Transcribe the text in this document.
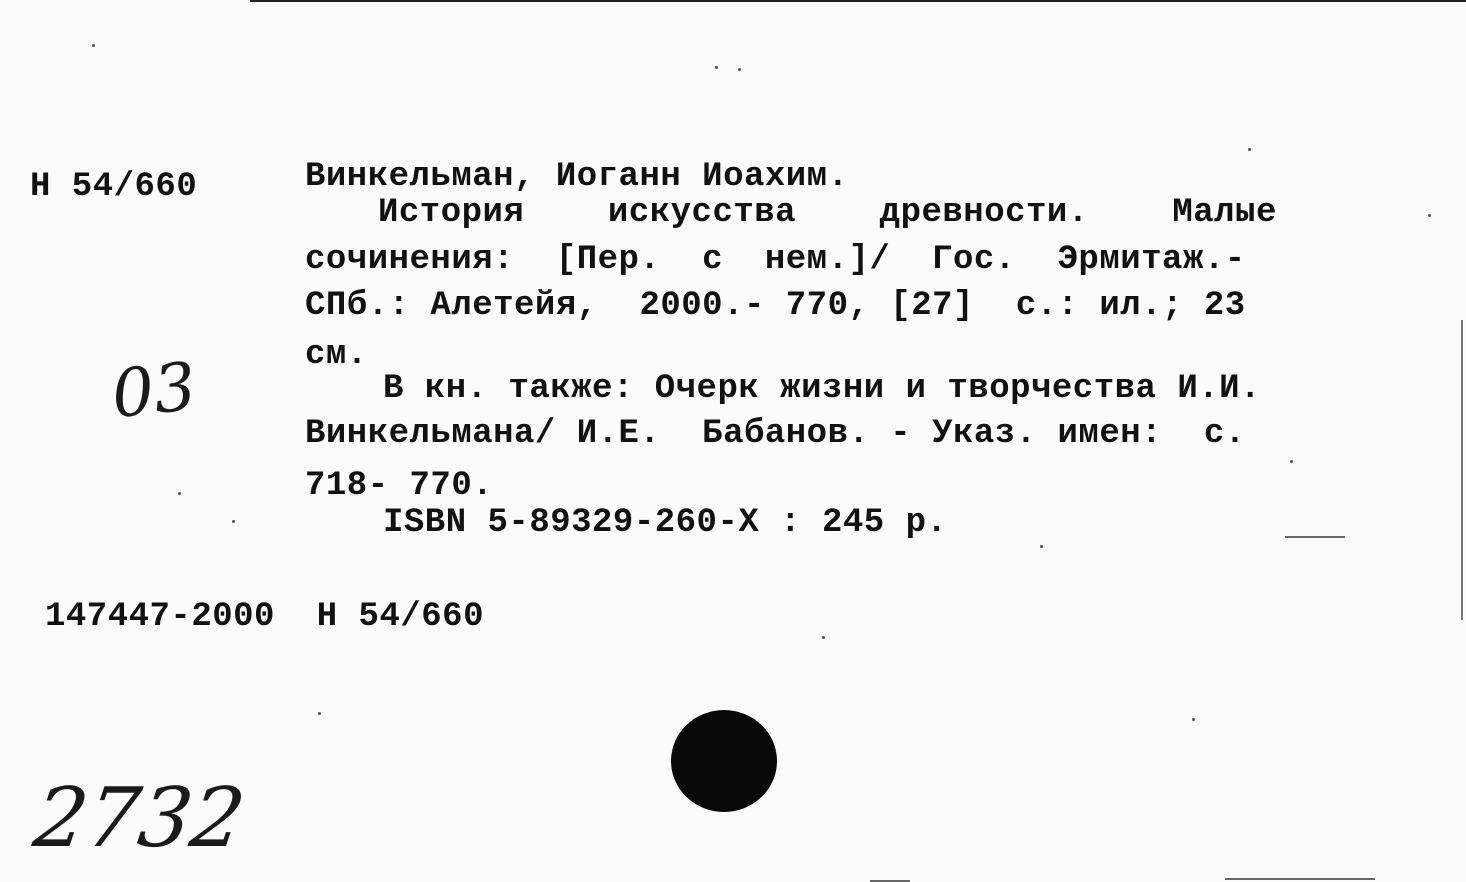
Н 54/660	Винкельман, Иоганн Иоахим.
История    искусства    древности.    Малые
сочинения:  [Пер.  с  нем.]/  Гос.  Эрмитаж.-
СПб.: Алетейя,  2000.- 770, [27]  с.: ил.; 23
см.
В кн. также: Очерк жизни и творчества И.И.
Винкельмана/ И.Е.  Бабанов. - Указ. имен:  с.
718- 770.
ISBN 5-89329-260-X : 245 р.
147447-2000  Н 54/660
03
2732
